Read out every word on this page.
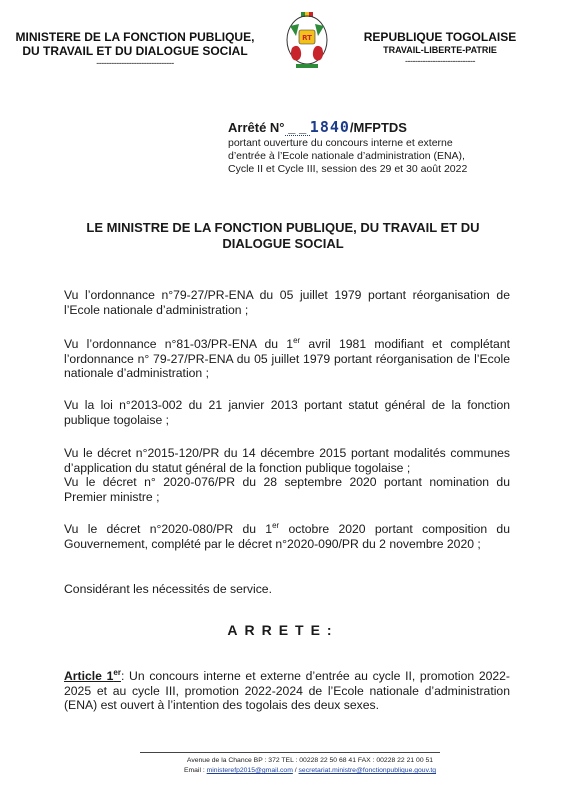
MINISTERE DE LA FONCTION PUBLIQUE,
DU TRAVAIL ET DU DIALOGUE SOCIAL
-------------------------------
RT	REPUBLIQUE TOGOLAISE
TRAVAIL-LIBERTE-PATRIE
----------------------------
Arrêté N° _ _ 1840/MFPTDS
portant ouverture du concours interne et externe
d’entrée à l’Ecole nationale d’administration (ENA),
Cycle II et Cycle III, session des 29 et 30 août 2022
LE MINISTRE DE LA FONCTION PUBLIQUE, DU TRAVAIL ET DU
DIALOGUE SOCIAL
Vu l’ordonnance n°79-27/PR-ENA du 05 juillet 1979 portant réorganisation de l’Ecole nationale d’administration ;
Vu l’ordonnance n°81-03/PR-ENA du 1er avril 1981 modifiant et complétant l’ordonnance n° 79-27/PR-ENA du 05 juillet 1979 portant réorganisation de l’Ecole nationale d’administration ;
Vu la loi n°2013-002 du 21 janvier 2013 portant statut général de la fonction publique togolaise ;
Vu le décret n°2015-120/PR du 14 décembre 2015 portant modalités communes d’application du statut général de la fonction publique togolaise ;
Vu le décret n° 2020-076/PR du 28 septembre 2020 portant nomination du Premier ministre ;
Vu le décret n°2020-080/PR du 1er octobre 2020 portant composition du Gouvernement, complété par le décret n°2020-090/PR du 2 novembre 2020 ;
Considérant les nécessités de service.
ARRETE:
Article 1er: Un concours interne et externe d’entrée au cycle II, promotion 2022-2025 et au cycle III, promotion 2022-2024 de l’Ecole nationale d’administration (ENA) est ouvert à l’intention des togolais des deux sexes.
Avenue de la Chance BP : 372 TEL : 00228 22 50 68 41 FAX : 00228 22 21 00 51
Email : ministerefp2015@gmail.com / secretariat.ministre@fonctionpublique.gouv.tg
